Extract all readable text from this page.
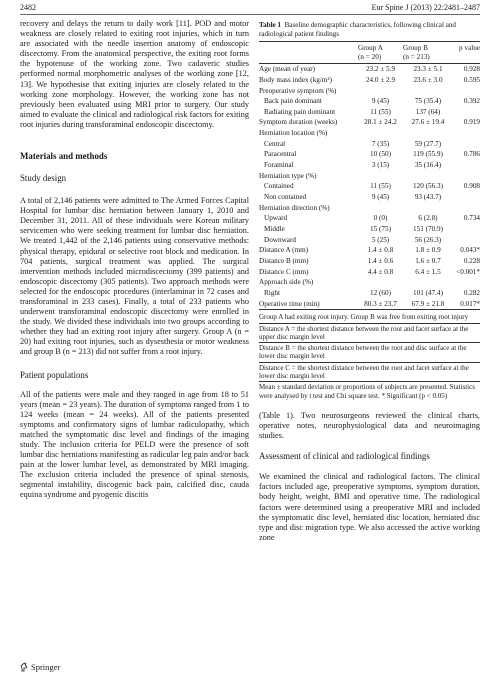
2482	Eur Spine J (2013) 22:2481–2487

recovery and delays the return to daily work [11]. POD and motor weakness are closely related to exiting root injuries, which in turn are associated with the needle insertion anatomy of endoscopic discectomy. From the anatomical perspective, the exiting root forms the hypotenuse of the working zone. Two cadaveric studies performed normal morphometric analyses of the working zone [12, 13]. We hypothesise that exiting injuries are closely related to the working zone morphology. However, the working zone has not previously been evaluated using MRI prior to surgery. Our study aimed to evaluate the clinical and radiological risk factors for exiting root injuries during transforaminal endoscopic discectomy.

Materials and methods
Study design

A total of 2,146 patients were admitted to The Armed Forces Capital Hospital for lumbar disc herniation between January 1, 2010 and December 31, 2011. All of these individuals were Korean military servicemen who were seeking treatment for lumbar disc herniation. We treated 1,442 of the 2,146 patients using conservative methods: physical therapy, epidural or selective root block and medication. In 704 patients, surgical treatment was applied. The surgical intervention methods included microdiscectomy (399 patients) and endoscopic discectomy (305 patients). Two approach methods were selected for the endoscopic procedures (interlaminar in 72 cases and transforaminal in 233 cases). Finally, a total of 233 patients who underwent transforaminal endoscopic discectomy were enrolled in the study. We divided these individuals into two groups according to whether they had an exiting root injury after surgery. Group A (n = 20) had exiting root injuries, such as dysesthesia or motor weakness and group B (n = 213) did not suffer from a root injury.

Patient populations

All of the patients were male and they ranged in age from 18 to 51 years (mean = 23 years). The duration of symptoms ranged from 1 to 124 weeks (mean = 24 weeks). All of the patients presented symptoms and confirmatory signs of lumbar radiculopathy, which matched the symptomatic disc level and findings of the imaging study. The inclusion criteria for PELD were the presence of soft lumbar disc herniations manifesting as radicular leg pain and/or back pain at the lower lumbar level, as demonstrated by MRI imaging. The exclusion criteria included the presence of spinal stenosis, segmental instability, discogenic back pain, calcified disc, cauda equina syndrome and pyogenic discitis

Table 1 Baseline demographic characteristics, following clinical and radiological patient findings
Group A
(n = 20)
Group B
(n = 213)
p value
Age (mean of year)	23.2 ± 5.9	23.3 ± 5.1	0.928
Body mass index (kg/m²)	24.0 ± 2.9	23.6 ± 3.0	0.595
Preoperative symptom (%)
Back pain dominant	9 (45)	75 (35.4)	0.392
Radiating pain dominant	11 (55)	137 (64)
Symptom duration (weeks)	28.1 ± 24.2	27.6 ± 19.4	0.919
Herniation location (%)
Central	7 (35)	59 (27.7)
Paracentral	10 (50)	119 (55.9)	0.786
Foraminal	3 (15)	35 (16.4)
Herniation type (%)
Contained	11 (55)	120 (56.3)	0.908
Non contained	9 (45)	93 (43.7)
Herniation direction (%)
Upward	0 (0)	6 (2.8)	0.734
Middle	15 (75)	151 (70.9)
Downward	5 (25)	56 (26.3)
Distance A (mm)	1.4 ± 0.8	1.8 ± 0.9	0.043*
Distance B (mm)	1.4 ± 0.6	1.6 ± 0.7	0.228
Distance C (mm)	4.4 ± 0.8	6.4 ± 1.5	<0.001*
Approach side (%)
Right	12 (60)	101 (47.4)	0.282
Operative time (min)	80.3 ± 23.7	67.9 ± 21.8	0.017*
Group A had exiting root injury. Group B was free from exiting root injury
Distance A = the shortest distance between the root and facet surface at the upper disc margin level
Distance B = the shortest distance between the root and disc surface at the lower disc margin level
Distance C = the shortest distance between the root and facet surface at the lower disc margin level
Mean ± standard deviation or proportions of subjects are presented. Statistics were analysed by t test and Chi square test. * Significant (p < 0.05)

(Table 1). Two neurosurgeons reviewed the clinical charts, operative notes, neurophysiological data and neuroimaging studies.

Assessment of clinical and radiological findings

We examined the clinical and radiological factors. The clinical factors included age, preoperative symptoms, symptom duration, body height, weight, BMI and operative time. The radiological factors were determined using a preoperative MRI and included the symptomatic disc level, herniated disc location, herniated disc type and disc migration type. We also accessed the active working zone

Springer
